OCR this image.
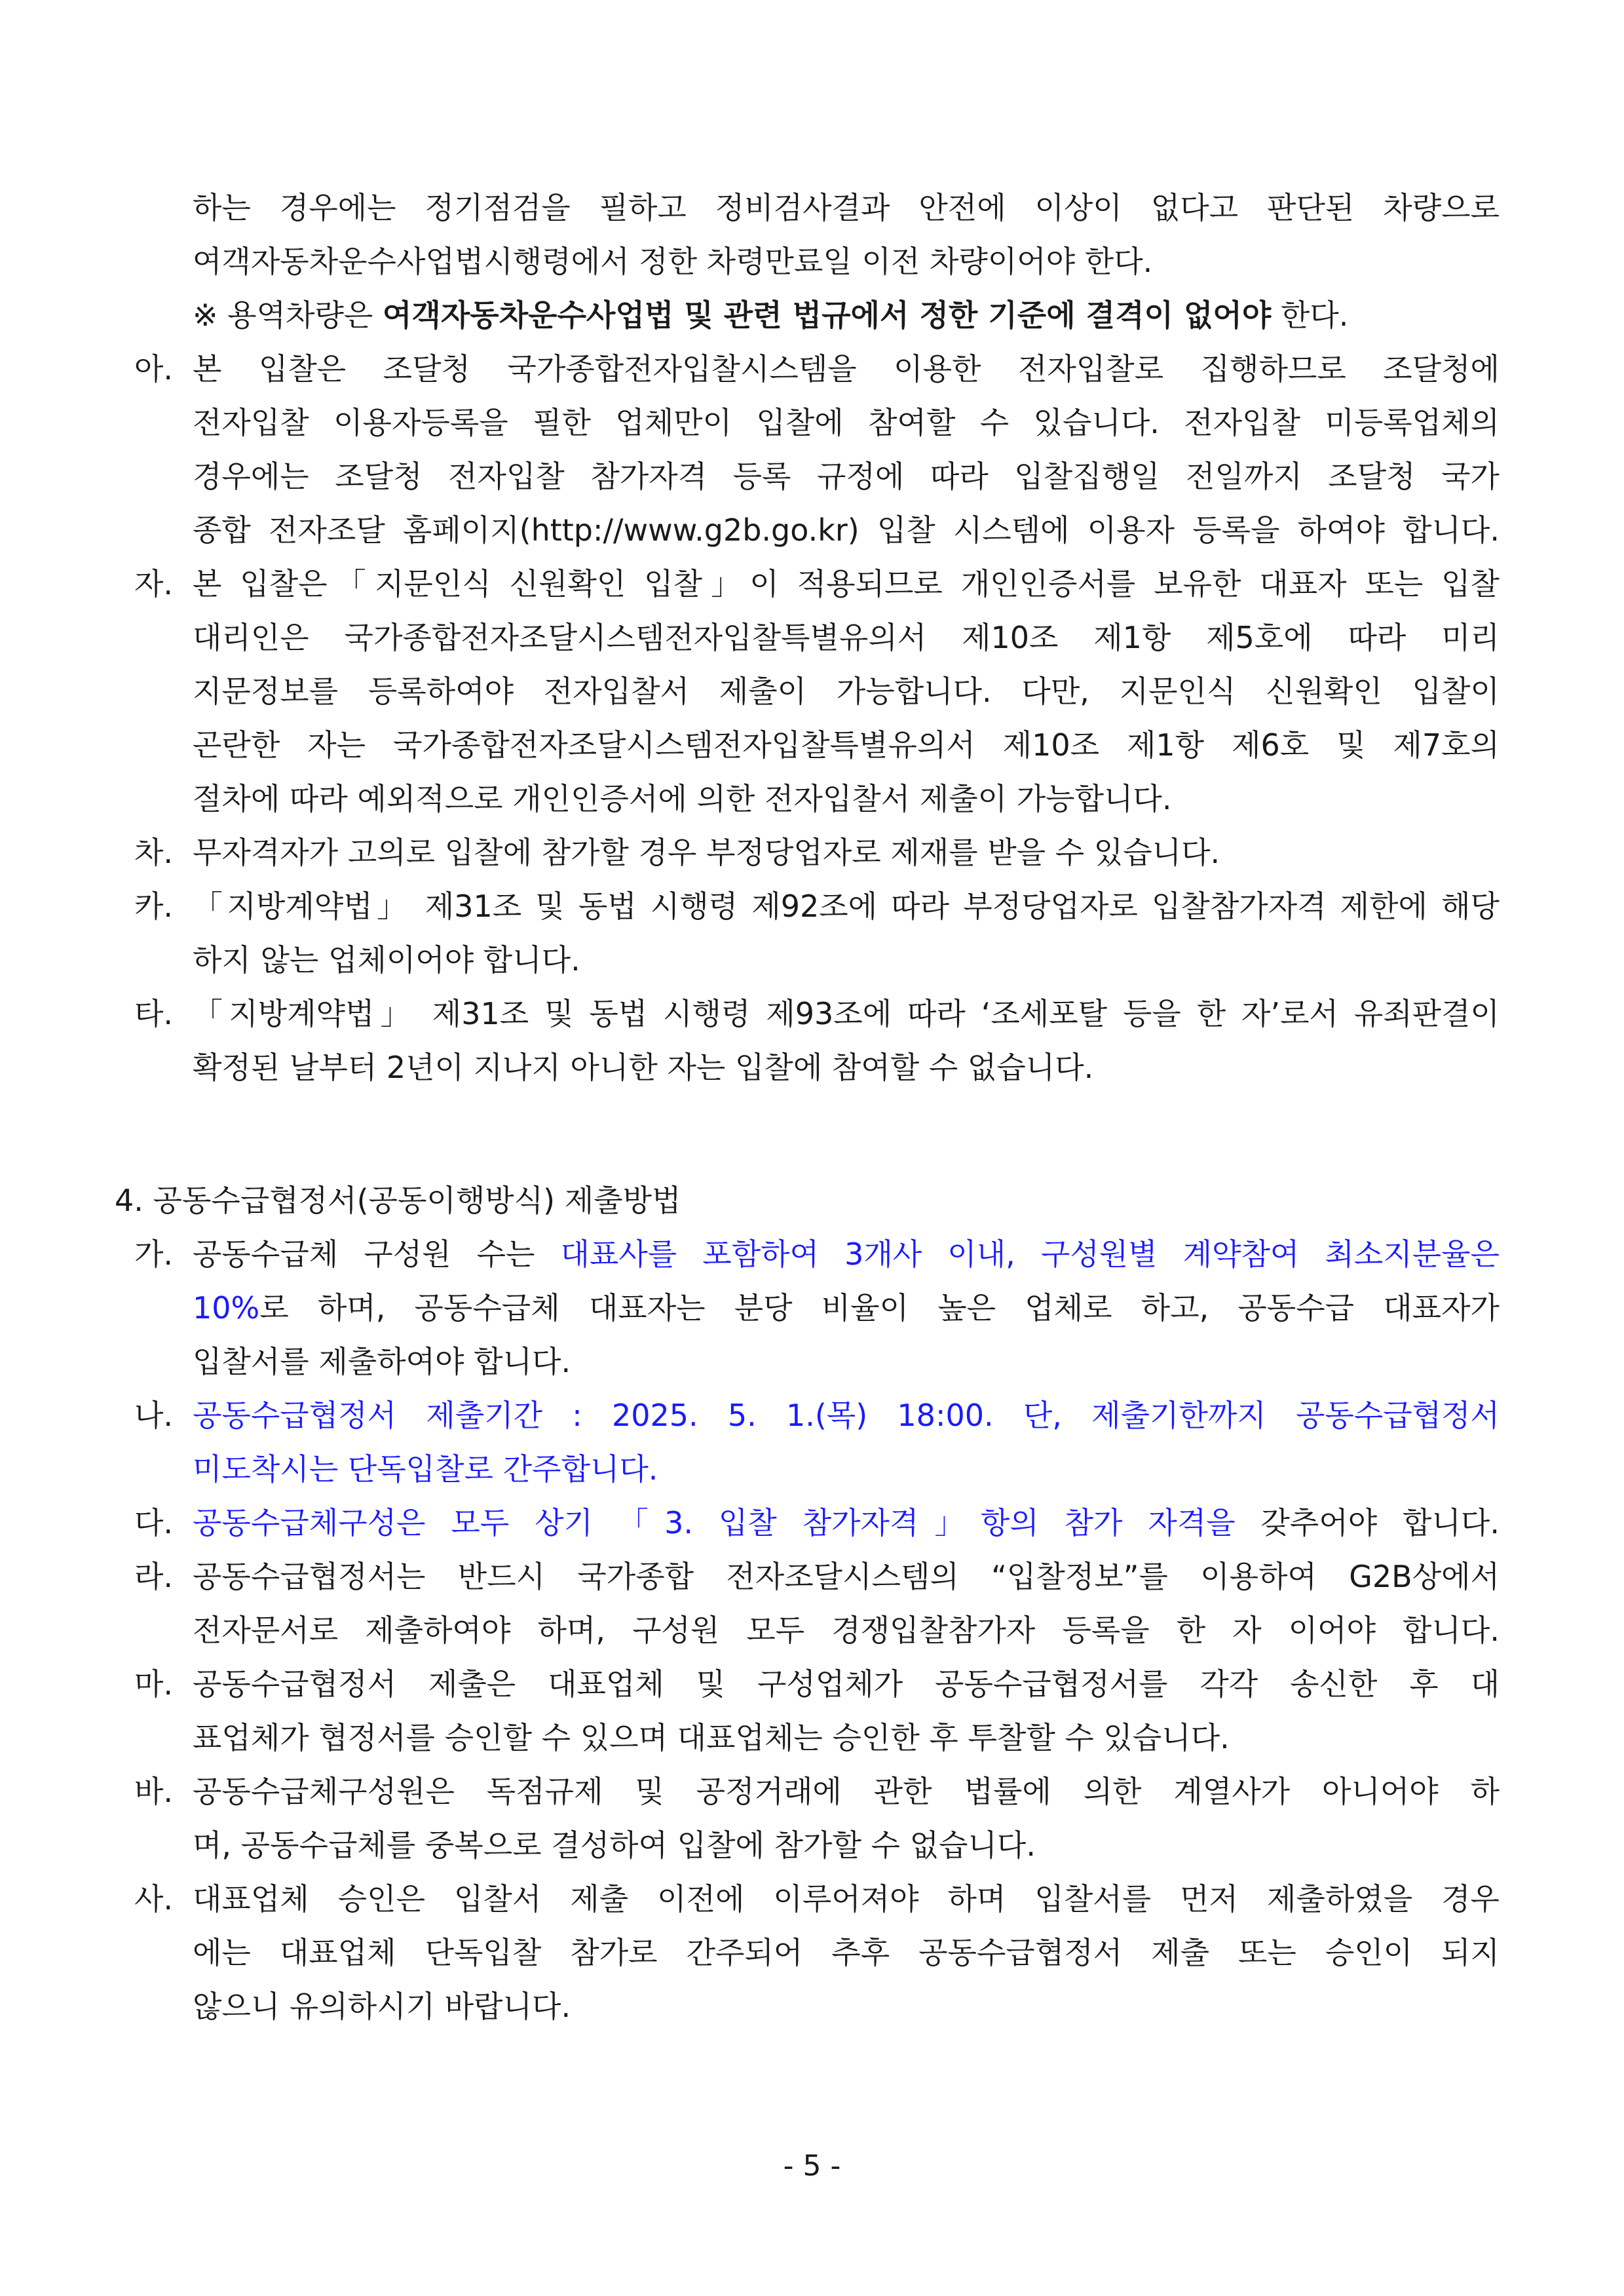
하는 경우에는 정기점검을 필하고 정비검사결과 안전에 이상이 없다고 판단된 차량으로
여객자동차운수사업법시행령에서 정한 차령만료일 이전 차량이어야 한다.
※ 용역차량은 여객자동차운수사업법 및 관련 법규에서 정한 기준에 결격이 없어야 한다.
아. 본 입찰은 조달청 국가종합전자입찰시스템을 이용한 전자입찰로 집행하므로 조달청에
전자입찰 이용자등록을 필한 업체만이 입찰에 참여할 수 있습니다. 전자입찰 미등록업체의
경우에는 조달청 전자입찰 참가자격 등록 규정에 따라 입찰집행일 전일까지 조달청 국가
종합 전자조달 홈페이지(http://www.g2b.go.kr) 입찰 시스템에 이용자 등록을 하여야 합니다.
자. 본 입찰은「지문인식 신원확인 입찰」이 적용되므로 개인인증서를 보유한 대표자 또는 입찰
대리인은 국가종합전자조달시스템전자입찰특별유의서 제10조 제1항 제5호에 따라 미리
지문정보를 등록하여야 전자입찰서 제출이 가능합니다. 다만, 지문인식 신원확인 입찰이
곤란한 자는 국가종합전자조달시스템전자입찰특별유의서 제10조 제1항 제6호 및 제7호의
절차에 따라 예외적으로 개인인증서에 의한 전자입찰서 제출이 가능합니다.
차. 무자격자가 고의로 입찰에 참가할 경우 부정당업자로 제재를 받을 수 있습니다.
카. 「지방계약법」 제31조 및 동법 시행령 제92조에 따라 부정당업자로 입찰참가자격 제한에 해당
하지 않는 업체이어야 합니다.
타. 「지방계약법」 제31조 및 동법 시행령 제93조에 따라 ‘조세포탈 등을 한 자’로서 유죄판결이
확정된 날부터 2년이 지나지 아니한 자는 입찰에 참여할 수 없습니다.
4. 공동수급협정서(공동이행방식) 제출방법
가. 공동수급체 구성원 수는 대표사를 포함하여 3개사 이내, 구성원별 계약참여 최소지분율은
10%로 하며, 공동수급체 대표자는 분당 비율이 높은 업체로 하고, 공동수급 대표자가
입찰서를 제출하여야 합니다.
나. 공동수급협정서 제출기간 : 2025. 5. 1.(목) 18:00. 단, 제출기한까지 공동수급협정서
미도착시는 단독입찰로 간주합니다.
다. 공동수급체구성은 모두 상기 「3. 입찰 참가자격」항의 참가 자격을 갖추어야 합니다.
라. 공동수급협정서는 반드시 국가종합 전자조달시스템의 “입찰정보”를 이용하여 G2B상에서
전자문서로 제출하여야 하며, 구성원 모두 경쟁입찰참가자 등록을 한 자 이어야 합니다.
마. 공동수급협정서 제출은 대표업체 및 구성업체가 공동수급협정서를 각각 송신한 후 대
표업체가 협정서를 승인할 수 있으며 대표업체는 승인한 후 투찰할 수 있습니다.
바. 공동수급체구성원은 독점규제 및 공정거래에 관한 법률에 의한 계열사가 아니어야 하
며, 공동수급체를 중복으로 결성하여 입찰에 참가할 수 없습니다.
사. 대표업체 승인은 입찰서 제출 이전에 이루어져야 하며 입찰서를 먼저 제출하였을 경우
에는 대표업체 단독입찰 참가로 간주되어 추후 공동수급협정서 제출 또는 승인이 되지
않으니 유의하시기 바랍니다.
- 5 -
